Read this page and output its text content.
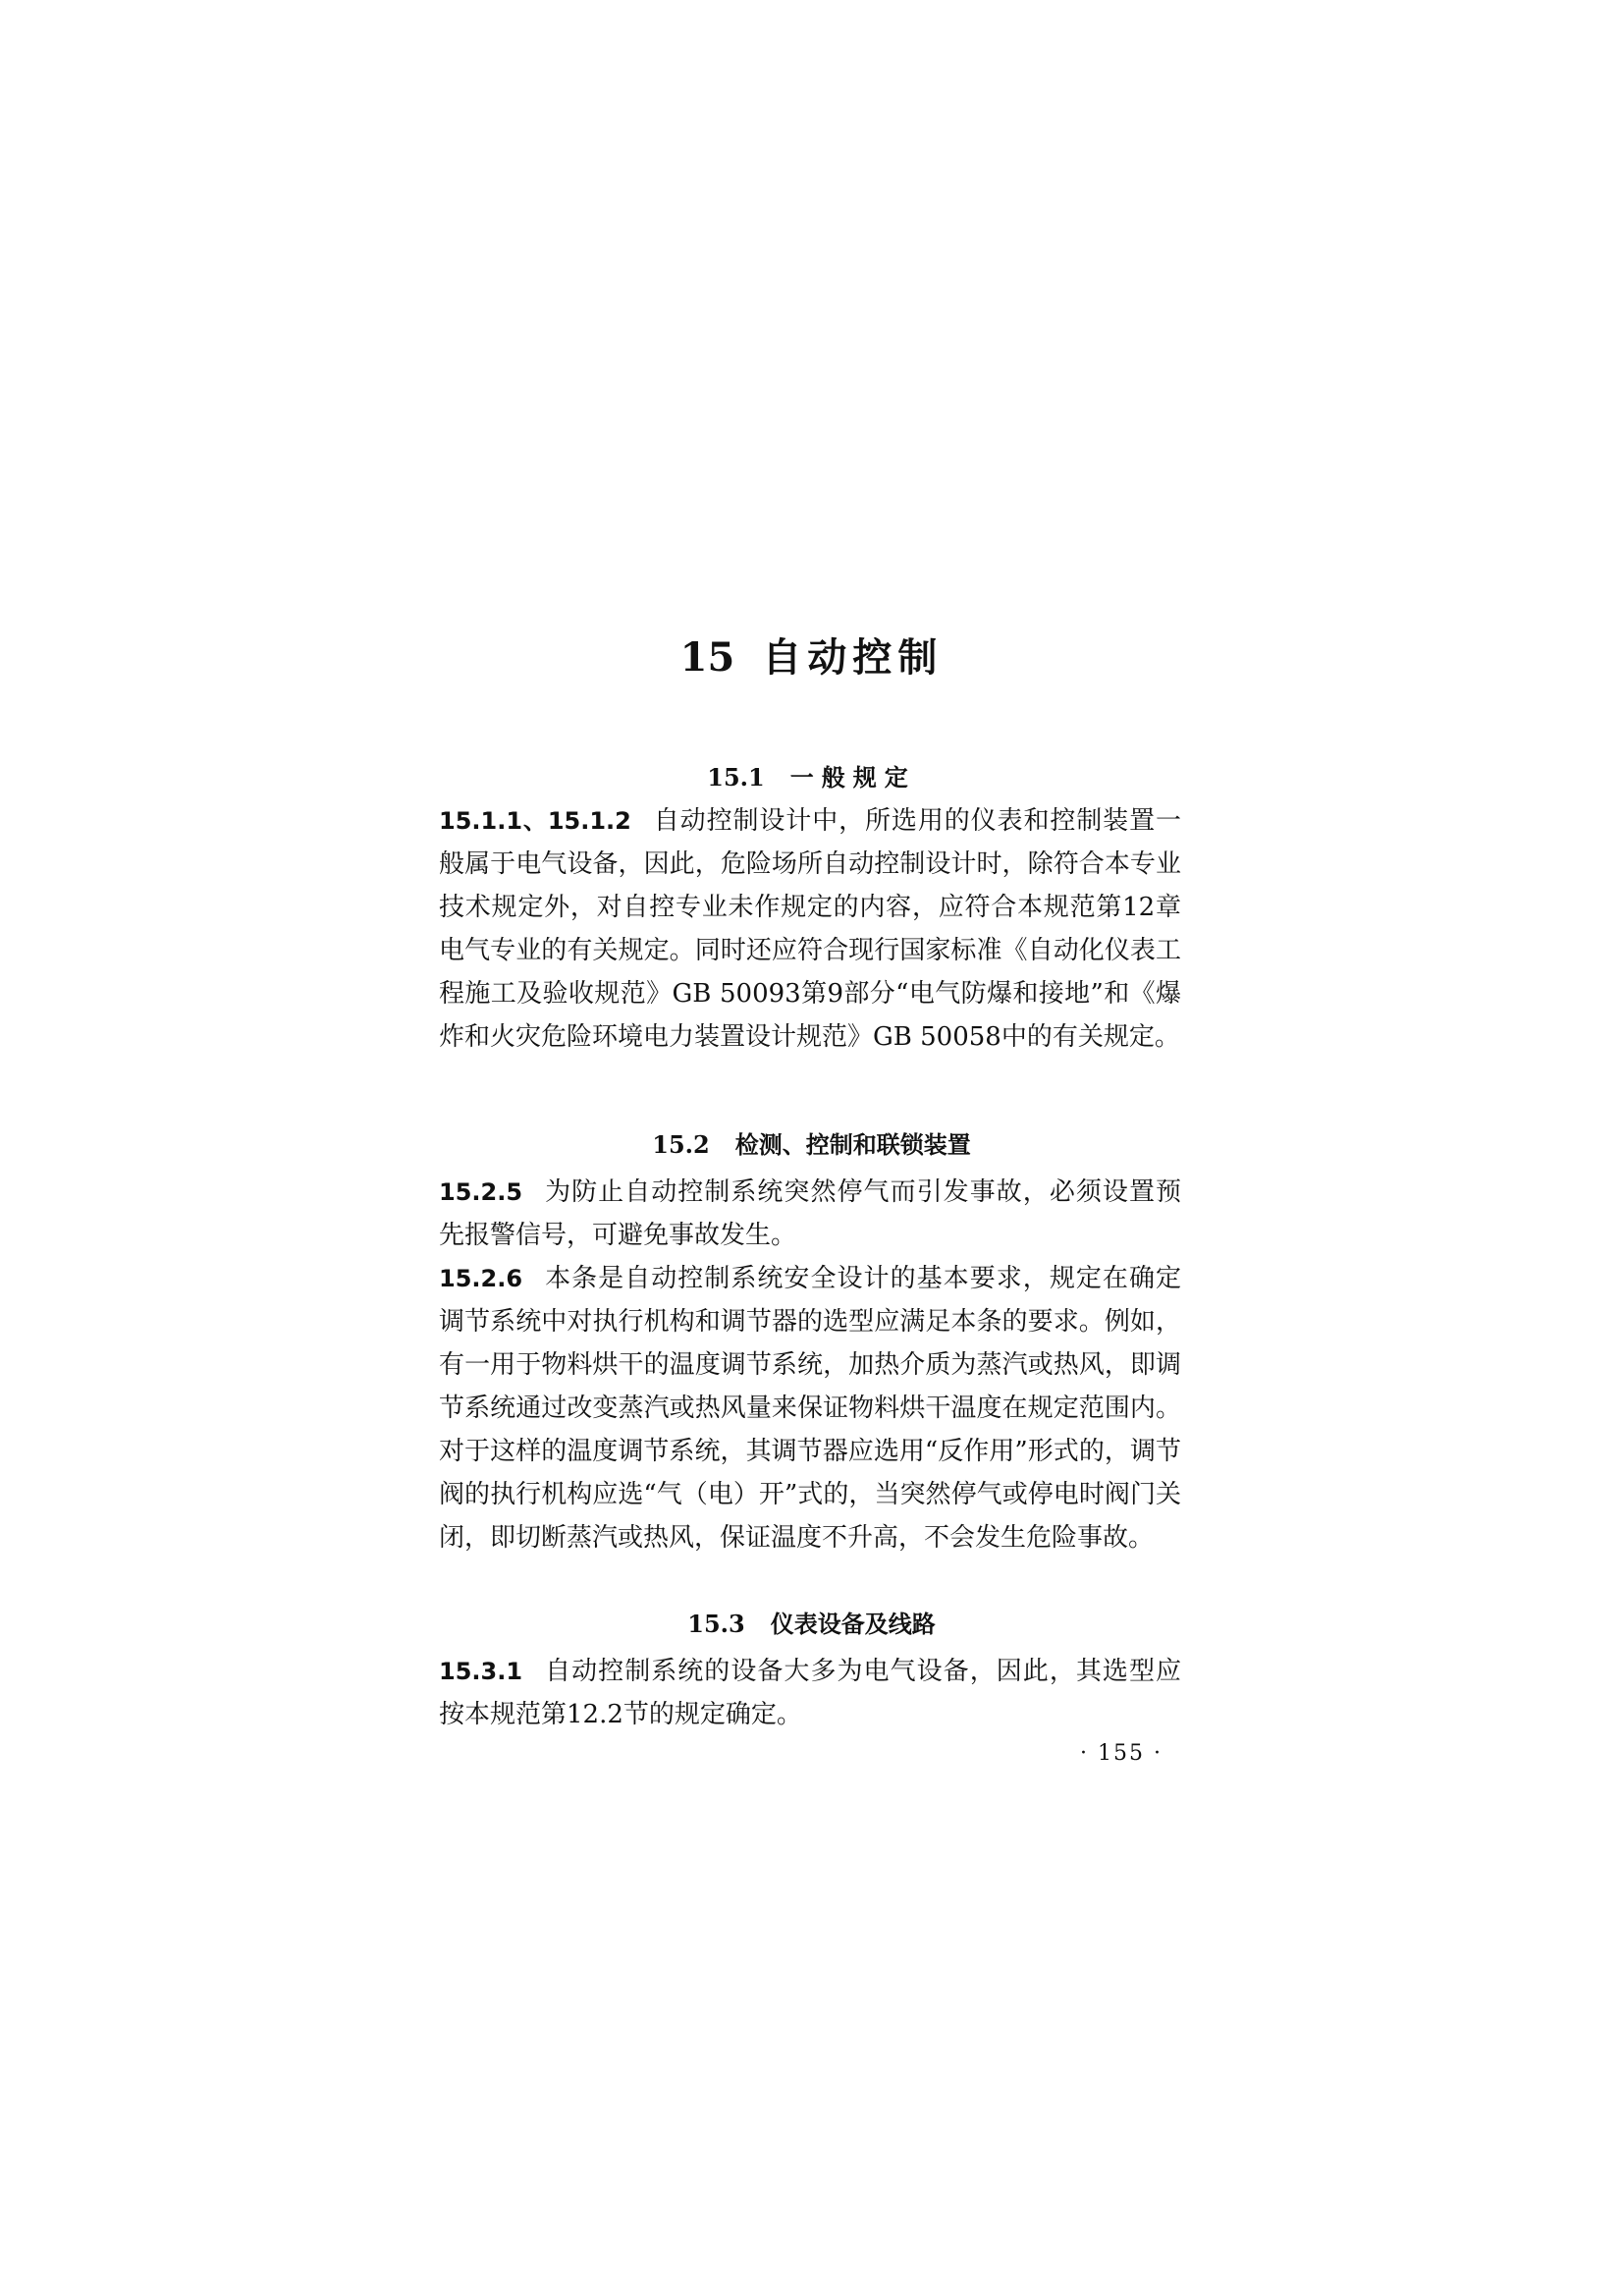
15 自动控制
15.1 一般规定
15.1.1、15.1.2 自动控制设计中，所选用的仪表和控制装置一般属于电气设备，因此，危险场所自动控制设计时，除符合本专业技术规定外，对自控专业未作规定的内容，应符合本规范第12章电气专业的有关规定。同时还应符合现行国家标准《自动化仪表工程施工及验收规范》GB 50093第9部分“电气防爆和接地”和《爆炸和火灾危险环境电力装置设计规范》GB 50058中的有关规定。
15.2 检测、控制和联锁装置
15.2.5 为防止自动控制系统突然停气而引发事故，必须设置预先报警信号，可避免事故发生。
15.2.6 本条是自动控制系统安全设计的基本要求，规定在确定调节系统中对执行机构和调节器的选型应满足本条的要求。例如，有一用于物料烘干的温度调节系统，加热介质为蒸汽或热风，即调节系统通过改变蒸汽或热风量来保证物料烘干温度在规定范围内。对于这样的温度调节系统，其调节器应选用“反作用”形式的，调节阀的执行机构应选“气（电）开”式的，当突然停气或停电时阀门关闭，即切断蒸汽或热风，保证温度不升高，不会发生危险事故。
15.3 仪表设备及线路
15.3.1 自动控制系统的设备大多为电气设备，因此，其选型应按本规范第12.2节的规定确定。
· 155 ·
